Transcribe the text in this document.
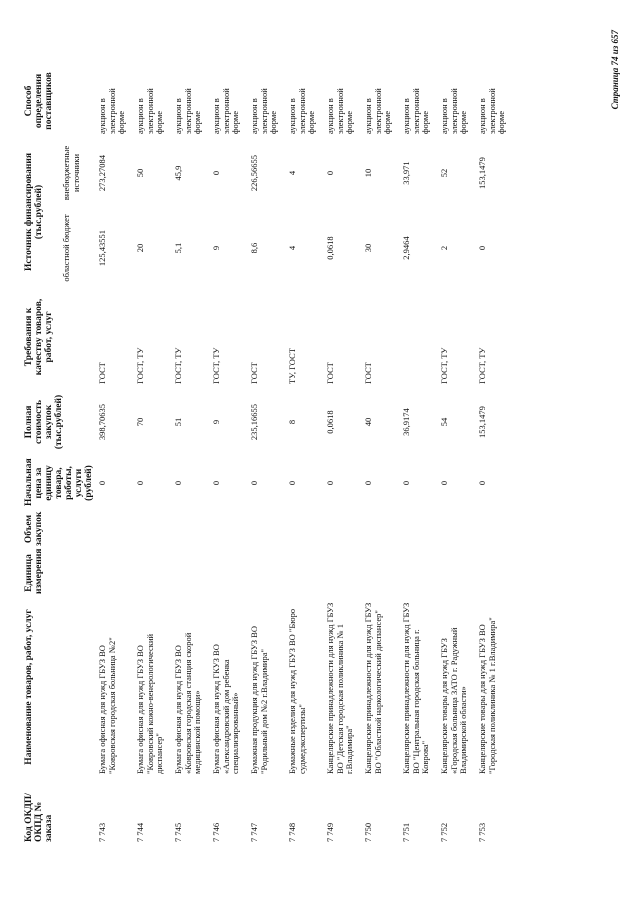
Код ОКДП/ ОКПД № заказа	Наименование товаров, работ, услуг	Единица измерения	Объем закупок	Начальная цена за единицу товара, работы, услуги (рублей)	Полная стоимость закупок (тыс.рублей)	Требования к качеству товаров, работ, услуг	Источник финансирования (тыс.рублей)		Способ определения поставщиков
							областной бюджет	внебюджетные источники	
7 743	Бумага офисная для нужд ГБУЗ ВО "Ковровская городская больница №2"			0	398,70635	ГОСТ	125,43551	273,27084	аукцион в электронной форме
7 744	Бумага офисная для нужд ГБУЗ ВО "Ковровский кожно-венерологический диспансер"			0	70	ГОСТ, ТУ	20	50	аукцион в электронной форме
7 745	Бумага офисная для нужд ГБУЗ ВО «Ковровская городская станция скорой медицинской помощи»			0	51	ГОСТ, ТУ	5,1	45,9	аукцион в электронной форме
7 746	Бумага офисная для нужд ГКУЗ ВО «Александровский дом ребенка специализированный»			0	9	ГОСТ, ТУ	9	0	аукцион в электронной форме
7 747	Бумажная продукция для нужд ГБУЗ ВО "Родильный дом №2 г.Владимира"			0	235,16655	ГОСТ	8,6	226,56655	аукцион в электронной форме
7 748	Бумажные изделия для нужд ГБУЗ ВО "Бюро судмедэкспертизы"			0	8	ТУ, ГОСТ	4	4	аукцион в электронной форме
7 749	Канцелярские принадлежности для нужд ГБУЗ ВО "Детская городская поликлиника № 1 г.Владимира"			0	0,0618	ГОСТ	0,0618	0	аукцион в электронной форме
7 750	Канцелярские принадлежности для нужд ГБУЗ ВО "Областной наркологический диспансер"			0	40	ГОСТ	30	10	аукцион в электронной форме
7 751	Канцелярские принадлежности для нужд ГБУЗ ВО "Центральная городская больница г. Коврова"			0	36,9174		2,9464	33,971	аукцион в электронной форме
7 752	Канцелярские товары для нужд ГБУЗ «Городская больница ЗАТО г. Радужный Владимирской области»			0	54	ГОСТ, ТУ	2	52	аукцион в электронной форме
7 753	Канцелярские товары для нужд ГБУЗ ВО "Городская поликлиника № 1 г.Владимира"			0	153,1479	ГОСТ, ТУ	0	153,1479	аукцион в электронной форме
Страница 74 из 657
